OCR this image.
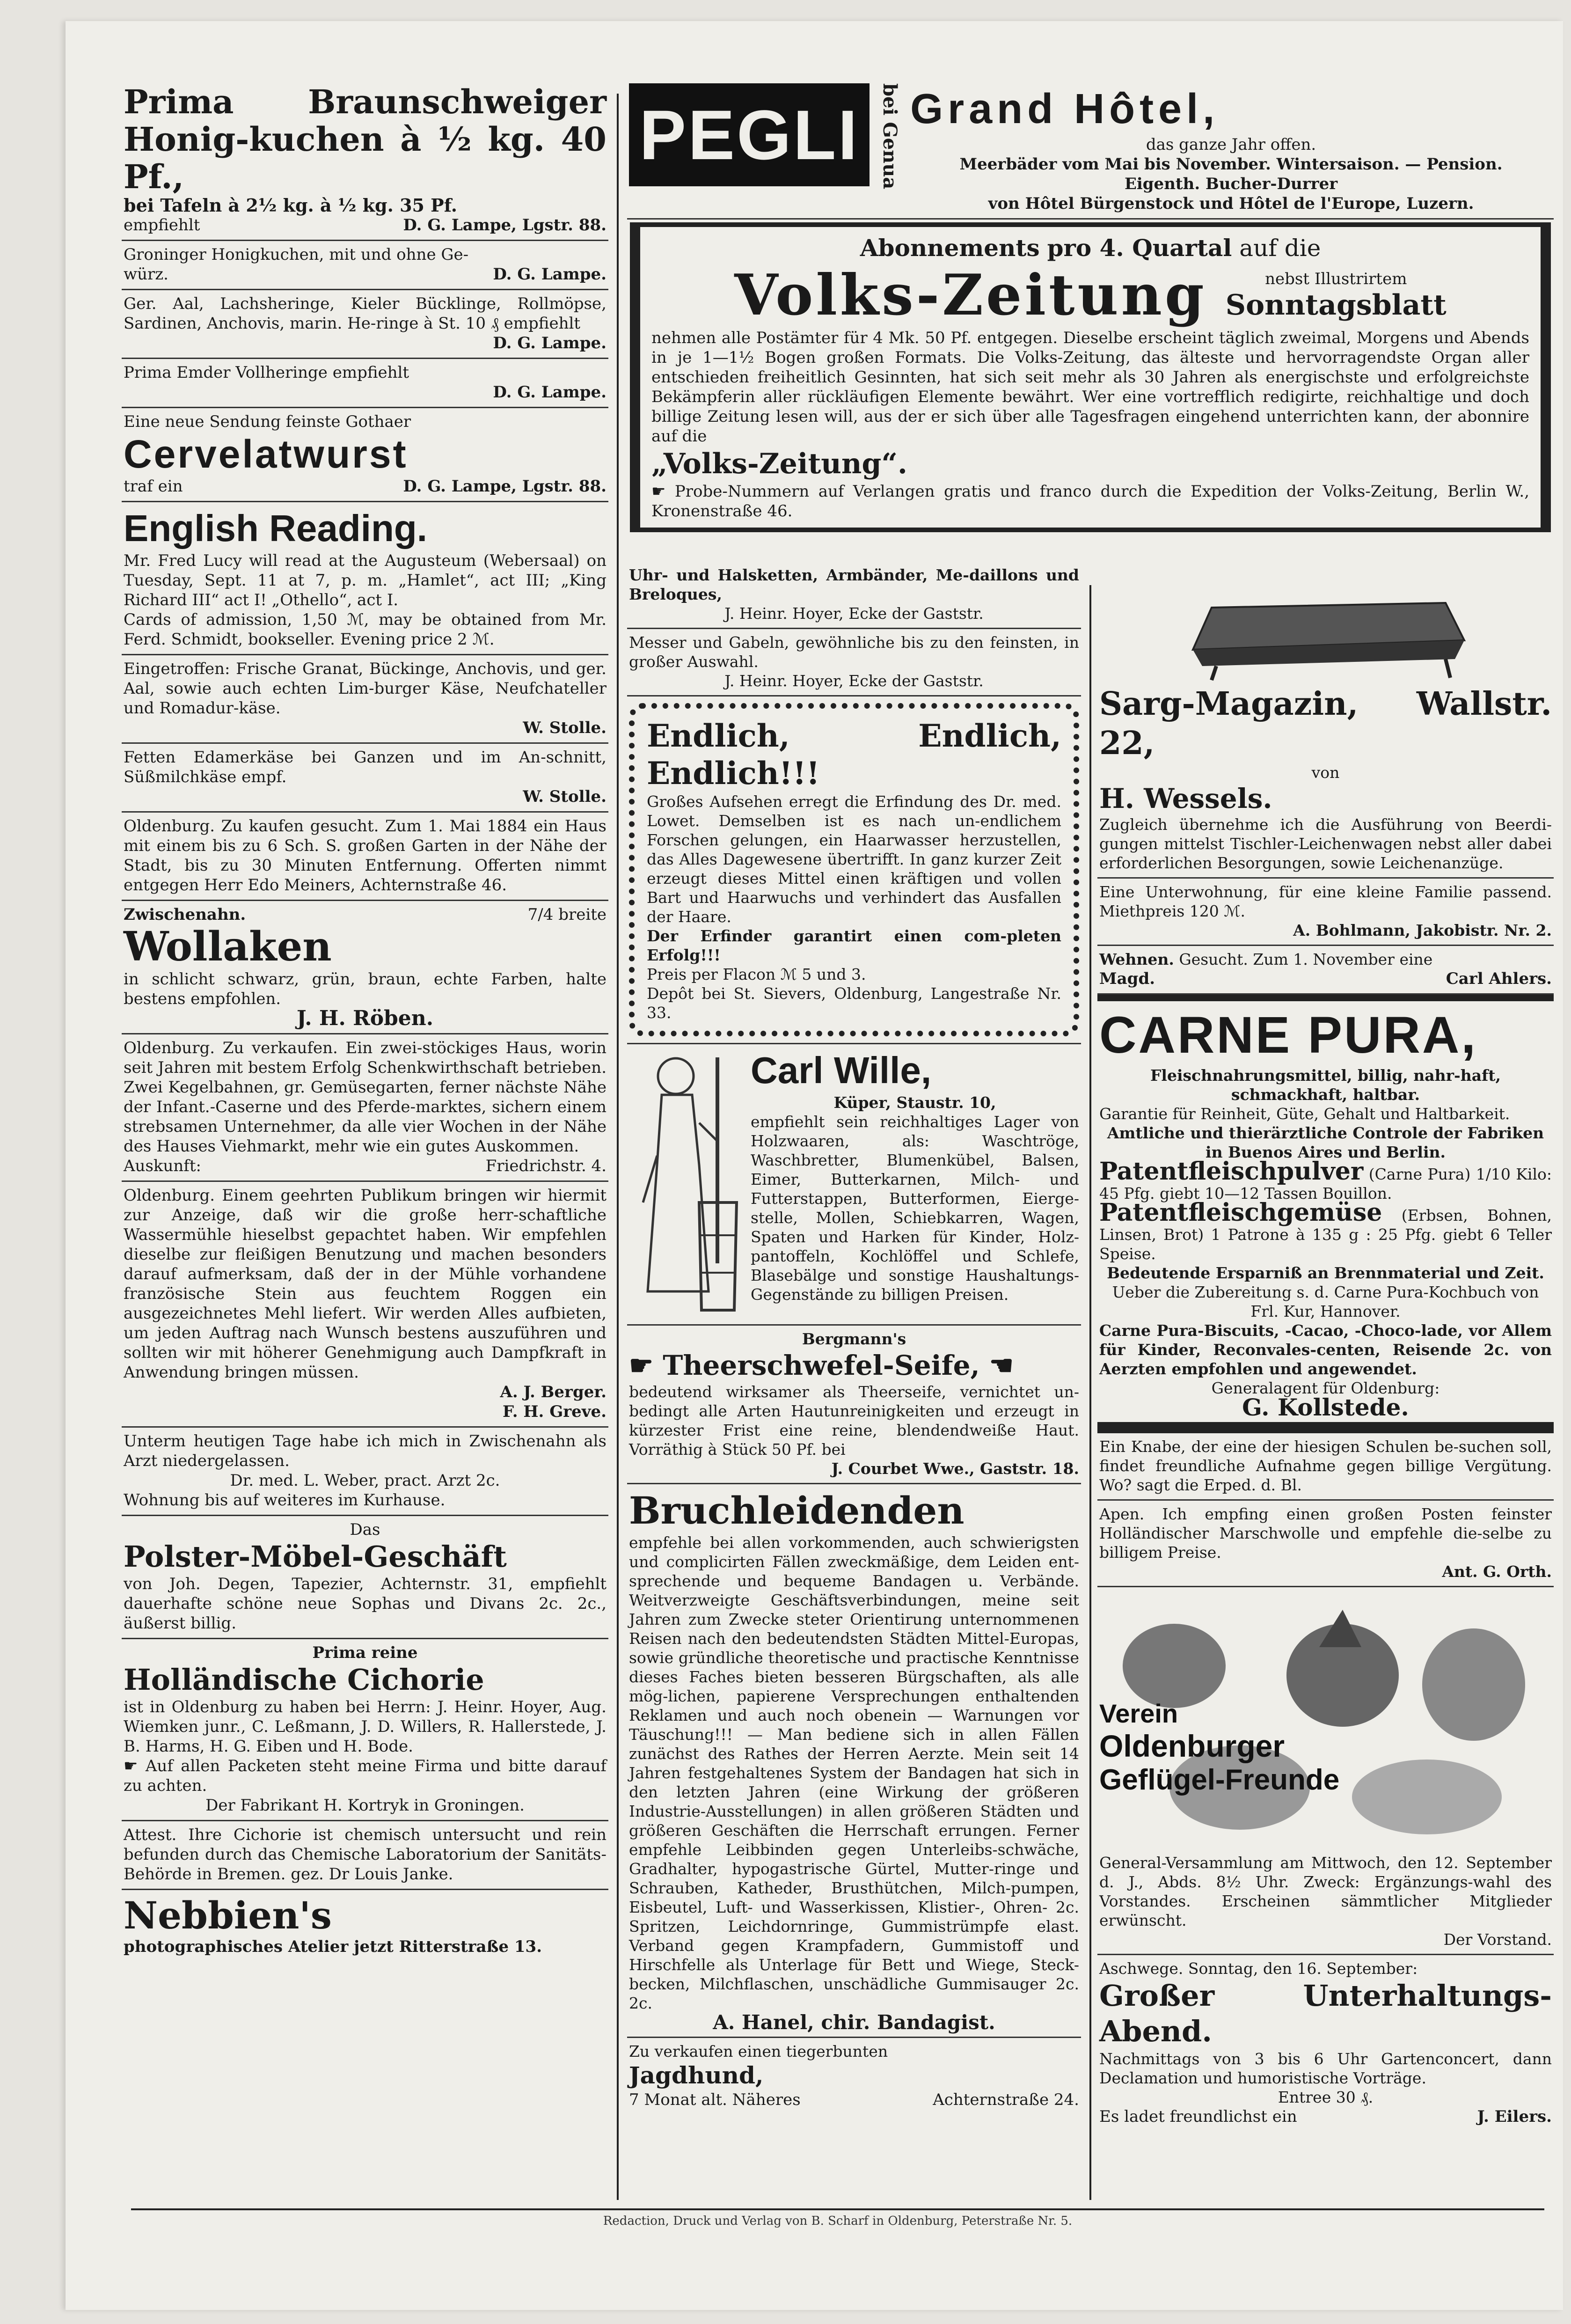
Prima Braunschweiger Honig-kuchen à ½ kg. 40 Pf.,

bei Tafeln à 2½ kg. à ½ kg. 35 Pf.

empfiehlt	D. G. Lampe, Lgstr. 88.

Groninger Honigkuchen, mit und ohne Ge-

würz.	D. G. Lampe.

Ger. Aal, Lachsheringe, Kieler Bücklinge, Rollmöpse, Sardinen, Anchovis, marin. He-ringe à St. 10 ₰ empfiehlt

D. G. Lampe.

Prima Emder Vollheringe empfiehlt

D. G. Lampe.

Eine neue Sendung feinste Gothaer

Cervelatwurst

traf ein	D. G. Lampe, Lgstr. 88.

English Reading.

Mr. Fred Lucy will read at the Augusteum (Webersaal) on Tuesday, Sept. 11 at 7, p. m. „Hamlet“, act III; „King Richard III“ act I! „Othello“, act I.

Cards of admission, 1,50 ℳ, may be obtained from Mr. Ferd. Schmidt, bookseller. Evening price 2 ℳ.

Eingetroffen: Frische Granat, Bückinge, Anchovis, und ger. Aal, sowie auch echten Lim-burger Käse, Neufchateller und Romadur-käse.

W. Stolle.

Fetten Edamerkäse bei Ganzen und im An-schnitt, Süßmilchkäse empf.

W. Stolle.

Oldenburg. Zu kaufen gesucht. Zum 1. Mai 1884 ein Haus mit einem bis zu 6 Sch. S. großen Garten in der Nähe der Stadt, bis zu 30 Minuten Entfernung. Offerten nimmt entgegen Herr Edo Meiners, Achternstraße 46.

Zwischenahn.	7/4 breite

Wollaken

in schlicht schwarz, grün, braun, echte Farben, halte bestens empfohlen.

J. H. Röben.

Oldenburg. Zu verkaufen. Ein zwei-stöckiges Haus, worin seit Jahren mit bestem Erfolg Schenkwirthschaft betrieben. Zwei Kegelbahnen, gr. Gemüsegarten, ferner nächste Nähe der Infant.-Caserne und des Pferde-marktes, sichern einem strebsamen Unternehmer, da alle vier Wochen in der Nähe des Hauses Viehmarkt, mehr wie ein gutes Auskommen.

Auskunft:	Friedrichstr. 4.

Oldenburg. Einem geehrten Publikum bringen wir hiermit zur Anzeige, daß wir die große herr-schaftliche Wassermühle hieselbst gepachtet haben. Wir empfehlen dieselbe zur fleißigen Benutzung und machen besonders darauf aufmerksam, daß der in der Mühle vorhandene französische Stein aus feuchtem Roggen ein ausgezeichnetes Mehl liefert. Wir werden Alles aufbieten, um jeden Auftrag nach Wunsch bestens auszuführen und sollten wir mit höherer Genehmigung auch Dampfkraft in Anwendung bringen müssen.

A. J. Berger.

F. H. Greve.

Unterm heutigen Tage habe ich mich in Zwischenahn als Arzt niedergelassen.

Dr. med. L. Weber, pract. Arzt 2c.

Wohnung bis auf weiteres im Kurhause.

Das

Polster-Möbel-Geschäft

von Joh. Degen, Tapezier, Achternstr. 31, empfiehlt dauerhafte schöne neue Sophas und Divans 2c. 2c., äußerst billig.

Prima reine

Holländische Cichorie

ist in Oldenburg zu haben bei Herrn: J. Heinr. Hoyer, Aug. Wiemken junr., C. Leßmann, J. D. Willers, R. Hallerstede, J. B. Harms, H. G. Eiben und H. Bode.

☛ Auf allen Packeten steht meine Firma und bitte darauf zu achten.

Der Fabrikant H. Kortryk in Groningen.

Attest. Ihre Cichorie ist chemisch untersucht und rein befunden durch das Chemische Laboratorium der Sanitäts-Behörde in Bremen. gez. Dr Louis Janke.

Nebbien's

photographisches Atelier jetzt Ritterstraße 13.

PEGLI	bei Genua Grand Hôtel,

das ganze Jahr offen.

Meerbäder vom Mai bis November. Wintersaison. — Pension.

Eigenth. Bucher-Durrer

von Hôtel Bürgenstock und Hôtel de l'Europe, Luzern.

Abonnements pro 4. Quartal auf die

Volks-Zeitung	nebst Illustrirtem

Sonntagsblatt

nehmen alle Postämter für 4 Mk. 50 Pf. entgegen. Dieselbe erscheint täglich zweimal, Morgens und Abends in je 1—1½ Bogen großen Formats. Die Volks-Zeitung, das älteste und hervorragendste Organ aller entschieden freiheitlich Gesinnten, hat sich seit mehr als 30 Jahren als energischste und erfolgreichste Bekämpferin aller rückläufigen Elemente bewährt. Wer eine vortrefflich redigirte, reichhaltige und doch billige Zeitung lesen will, aus der er sich über alle Tagesfragen eingehend unterrichten kann, der abonnire auf die

„Volks-Zeitung“.

☛ Probe-Nummern auf Verlangen gratis und franco durch die Expedition der Volks-Zeitung, Berlin W., Kronenstraße 46.

Uhr- und Halsketten, Armbänder, Me-daillons und Breloques,

J. Heinr. Hoyer, Ecke der Gaststr.

Messer und Gabeln, gewöhnliche bis zu den feinsten, in großer Auswahl.

J. Heinr. Hoyer, Ecke der Gaststr.

Endlich, Endlich, Endlich!!!

Großes Aufsehen erregt die Erfindung des Dr. med. Lowet. Demselben ist es nach un-endlichem Forschen gelungen, ein Haarwasser herzustellen, das Alles Dagewesene übertrifft. In ganz kurzer Zeit erzeugt dieses Mittel einen kräftigen und vollen Bart und Haarwuchs und verhindert das Ausfallen der Haare.

Der Erfinder garantirt einen com-pleten Erfolg!!!

Preis per Flacon ℳ 5 und 3.

Depôt bei St. Sievers, Oldenburg, Langestraße Nr. 33.

Carl Wille,

Küper, Staustr. 10,

empfiehlt sein reichhaltiges Lager von Holzwaaren, als: Waschtröge, Waschbretter, Blumenkübel, Balsen, Eimer, Butterkarnen, Milch- und Futterstappen, Butterformen, Eierge-stelle, Mollen, Schiebkarren, Wagen, Spaten und Harken für Kinder, Holz-pantoffeln, Kochlöffel und Schlefe, Blasebälge und sonstige Haushaltungs-Gegenstände zu billigen Preisen.

Bergmann's

☛ Theerschwefel-Seife, ☚

bedeutend wirksamer als Theerseife, vernichtet un-bedingt alle Arten Hautunreinigkeiten und erzeugt in kürzester Frist eine reine, blendendweiße Haut. Vorräthig à Stück 50 Pf. bei

J. Courbet Wwe., Gaststr. 18.

Bruchleidenden

empfehle bei allen vorkommenden, auch schwierigsten und complicirten Fällen zweckmäßige, dem Leiden ent-sprechende und bequeme Bandagen u. Verbände. Weitverzweigte Geschäftsverbindungen, meine seit Jahren zum Zwecke steter Orientirung unternommenen Reisen nach den bedeutendsten Städten Mittel-Europas, sowie gründliche theoretische und practische Kenntnisse dieses Faches bieten besseren Bürgschaften, als alle mög-lichen, papierene Versprechungen enthaltenden Reklamen und auch noch obenein — Warnungen vor Täuschung!!! — Man bediene sich in allen Fällen zunächst des Rathes der Herren Aerzte. Mein seit 14 Jahren festgehaltenes System der Bandagen hat sich in den letzten Jahren (eine Wirkung der größeren Industrie-Ausstellungen) in allen größeren Städten und größeren Geschäften die Herrschaft errungen. Ferner empfehle Leibbinden gegen Unterleibs-schwäche, Gradhalter, hypogastrische Gürtel, Mutter-ringe und Schrauben, Katheder, Brusthütchen, Milch-pumpen, Eisbeutel, Luft- und Wasserkissen, Klistier-, Ohren- 2c. Spritzen, Leichdornringe, Gummistrümpfe elast. Verband gegen Krampfadern, Gummistoff und Hirschfelle als Unterlage für Bett und Wiege, Steck-becken, Milchflaschen, unschädliche Gummisauger 2c. 2c.

A. Hanel, chir. Bandagist.

Zu verkaufen einen tiegerbunten

Jagdhund,

7 Monat alt. Näheres	Achternstraße 24.

Sarg-Magazin, Wallstr. 22,

von

H. Wessels.

Zugleich übernehme ich die Ausführung von Beerdi-gungen mittelst Tischler-Leichenwagen nebst aller dabei erforderlichen Besorgungen, sowie Leichenanzüge.

Eine Unterwohnung, für eine kleine Familie passend. Miethpreis 120 ℳ.

A. Bohlmann, Jakobistr. Nr. 2.

Wehnen. Gesucht. Zum 1. November eine

Magd.	Carl Ahlers.

CARNE PURA,

Fleischnahrungsmittel, billig, nahr-haft, schmackhaft, haltbar.

Garantie für Reinheit, Güte, Gehalt und Haltbarkeit.

Amtliche und thierärztliche Controle der Fabriken in Buenos Aires und Berlin.

Patentfleischpulver (Carne Pura) 1/10 Kilo: 45 Pfg. giebt 10—12 Tassen Bouillon.

Patentfleischgemüse (Erbsen, Bohnen, Linsen, Brot) 1 Patrone à 135 g : 25 Pfg. giebt 6 Teller Speise.

Bedeutende Ersparniß an Brennmaterial und Zeit.

Ueber die Zubereitung s. d. Carne Pura-Kochbuch von Frl. Kur, Hannover.

Carne Pura-Biscuits, -Cacao, -Choco-lade, vor Allem für Kinder, Reconvales-centen, Reisende 2c. von Aerzten empfohlen und angewendet.

Generalagent für Oldenburg:

G. Kollstede.

Ein Knabe, der eine der hiesigen Schulen be-suchen soll, findet freundliche Aufnahme gegen billige Vergütung. Wo? sagt die Erped. d. Bl.

Apen. Ich empfing einen großen Posten feinster Holländischer Marschwolle und empfehle die-selbe zu billigem Preise.

Ant. G. Orth.

Verein

Oldenburger

Geflügel-Freunde

General-Versammlung am Mittwoch, den 12. September d. J., Abds. 8½ Uhr. Zweck: Ergänzungs-wahl des Vorstandes. Erscheinen sämmtlicher Mitglieder erwünscht.

Der Vorstand.

Aschwege. Sonntag, den 16. September:

Großer Unterhaltungs-Abend.

Nachmittags von 3 bis 6 Uhr Gartenconcert, dann Declamation und humoristische Vorträge.

Entree 30 ₰.

Es ladet freundlichst ein	J. Eilers.
Redaction, Druck und Verlag von B. Scharf in Oldenburg, Peterstraße Nr. 5.
